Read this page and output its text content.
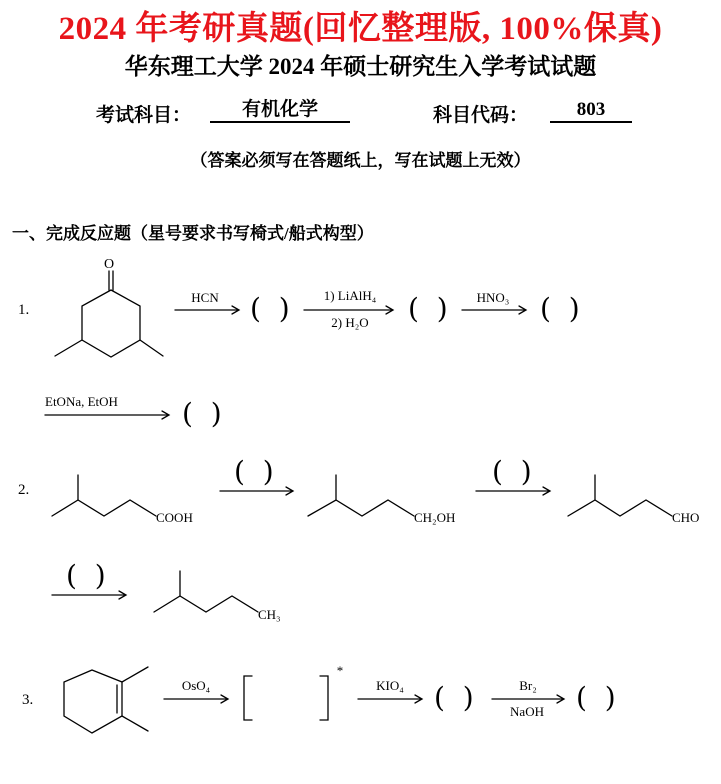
2024 年考研真题(回忆整理版, 100%保真)
华东理工大学 2024 年硕士研究生入学考试试题
考试科目：	有机化学	科目代码：	803
（答案必须写在答题纸上，写在试题上无效）
一、完成反应题（星号要求书写椅式/船式构型）
1.
O
HCN	1) LiAlH₄
2) H₂O
HNO₃
EtONa, EtOH
(  )	(  )	(  )
(  )
2.
COOH	CH₂OH	CHO
CH₃
(  )	(  )
(  )
3.
OsO₄	KIO₄	Br₂
NaOH
*
(  )	(  )
